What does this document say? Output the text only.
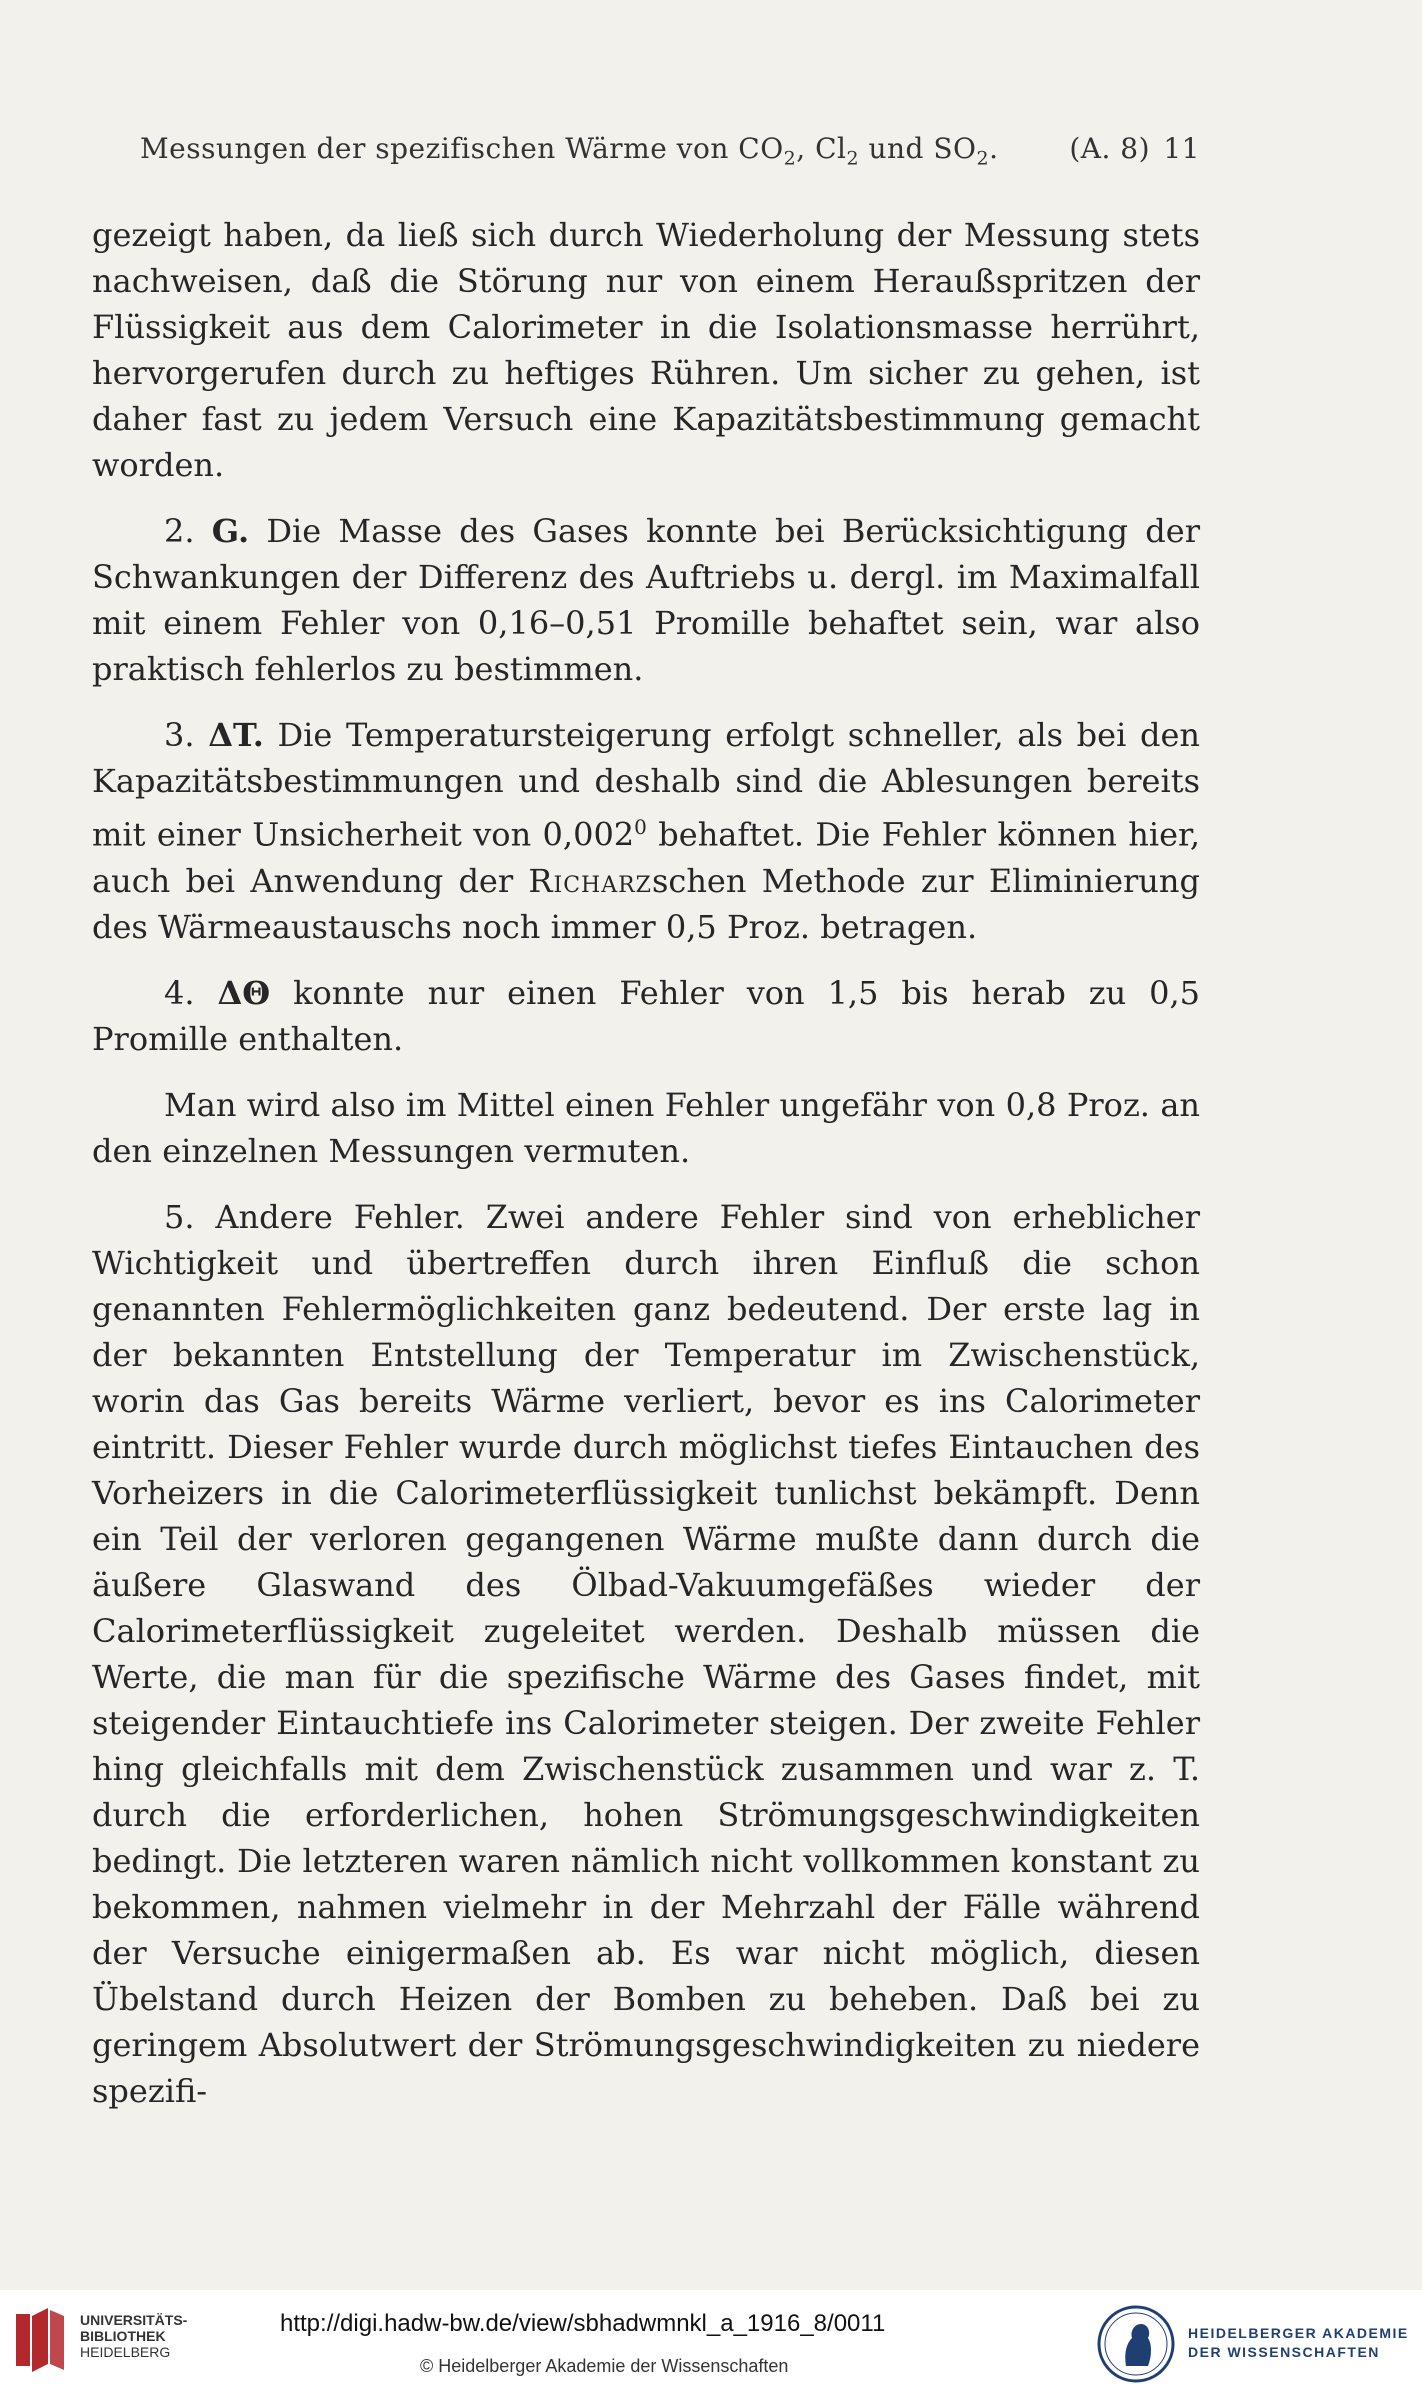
Messungen der spezifischen Wärme von $CO_2$, $Cl_2$ und $SO_2$.	(A. 8) 11

gezeigt haben, da ließ sich durch Wiederholung der Messung stets nachweisen, daß die Störung nur von einem Heraußspritzen der Flüssigkeit aus dem Calorimeter in die Isolationsmasse herrührt, hervorgerufen durch zu heftiges Rühren. Um sicher zu gehen, ist daher fast zu jedem Versuch eine Kapazitätsbestimmung gemacht worden.

2. G. Die Masse des Gases konnte bei Berücksichtigung der Schwankungen der Differenz des Auftriebs u. dergl. im Maximalfall mit einem Fehler von 0,16–0,51 Promille behaftet sein, war also praktisch fehlerlos zu bestimmen.

3. ΔT. Die Temperatursteigerung erfolgt schneller, als bei den Kapazitätsbestimmungen und deshalb sind die Ablesungen bereits mit einer Unsicherheit von 0,002$^0$ behaftet. Die Fehler können hier, auch bei Anwendung der Richarzschen Methode zur Eliminierung des Wärmeaustauschs noch immer 0,5 Proz. betragen.

4. ΔΘ konnte nur einen Fehler von 1,5 bis herab zu 0,5 Promille enthalten.

Man wird also im Mittel einen Fehler ungefähr von 0,8 Proz. an den einzelnen Messungen vermuten.

5. Andere Fehler. Zwei andere Fehler sind von erheblicher Wichtigkeit und übertreffen durch ihren Einfluß die schon genannten Fehlermöglichkeiten ganz bedeutend. Der erste lag in der bekannten Entstellung der Temperatur im Zwischenstück, worin das Gas bereits Wärme verliert, bevor es ins Calorimeter eintritt. Dieser Fehler wurde durch möglichst tiefes Eintauchen des Vorheizers in die Calorimeterflüssigkeit tunlichst bekämpft. Denn ein Teil der verloren gegangenen Wärme mußte dann durch die äußere Glaswand des Ölbad-Vakuumgefäßes wieder der Calorimeterflüssigkeit zugeleitet werden. Deshalb müssen die Werte, die man für die spezifische Wärme des Gases findet, mit steigender Eintauchtiefe ins Calorimeter steigen. Der zweite Fehler hing gleichfalls mit dem Zwischenstück zusammen und war z. T. durch die erforderlichen, hohen Strömungsgeschwindigkeiten bedingt. Die letzteren waren nämlich nicht vollkommen konstant zu bekommen, nahmen vielmehr in der Mehrzahl der Fälle während der Versuche einigermaßen ab. Es war nicht möglich, diesen Übelstand durch Heizen der Bomben zu beheben. Daß bei zu geringem Absolutwert der Strömungsgeschwindigkeiten zu niedere spezifi-

UNIVERSITÄTS-
BIBLIOTHEK
HEIDELBERG
http://digi.hadw-bw.de/view/sbhadwmnkl_a_1916_8/0011
© Heidelberger Akademie der Wissenschaften
HEIDELBERGER AKADEMIE
DER WISSENSCHAFTEN
